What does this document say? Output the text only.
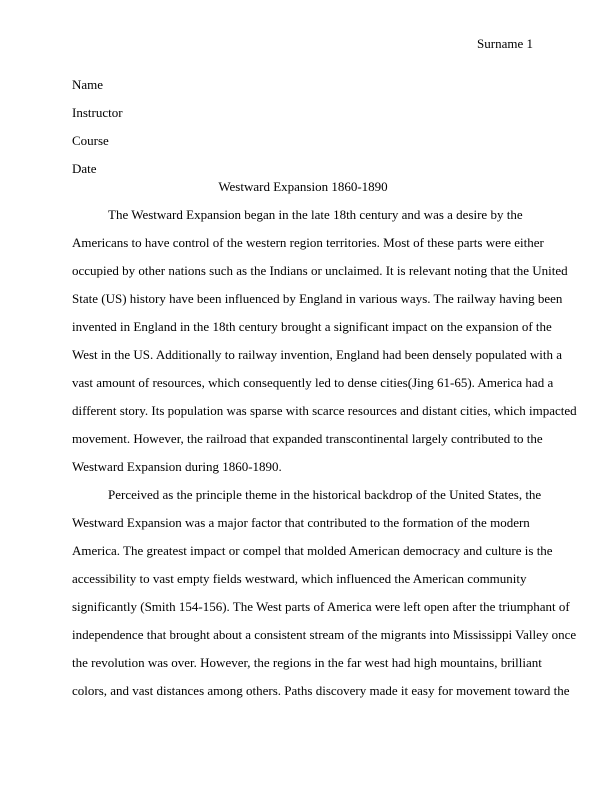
Surname 1
Name
Instructor
Course
Date
Westward Expansion 1860-1890
The Westward Expansion began in the late 18th century and was a desire by the
Americans to have control of the western region territories. Most of these parts were either
occupied by other nations such as the Indians or unclaimed. It is relevant noting that the United
State (US) history have been influenced by England in various ways. The railway having been
invented in England in the 18th century brought a significant impact on the expansion of the
West in the US. Additionally to railway invention, England had been densely populated with a
vast amount of resources, which consequently led to dense cities(Jing 61-65). America had a
different story. Its population was sparse with scarce resources and distant cities, which impacted
movement. However, the railroad that expanded transcontinental largely contributed to the
Westward Expansion during 1860-1890.
Perceived as the principle theme in the historical backdrop of the United States, the
Westward Expansion was a major factor that contributed to the formation of the modern
America. The greatest impact or compel that molded American democracy and culture is the
accessibility to vast empty fields westward, which influenced the American community
significantly (Smith 154-156). The West parts of America were left open after the triumphant of
independence that brought about a consistent stream of the migrants into Mississippi Valley once
the revolution was over. However, the regions in the far west had high mountains, brilliant
colors, and vast distances among others. Paths discovery made it easy for movement toward the
